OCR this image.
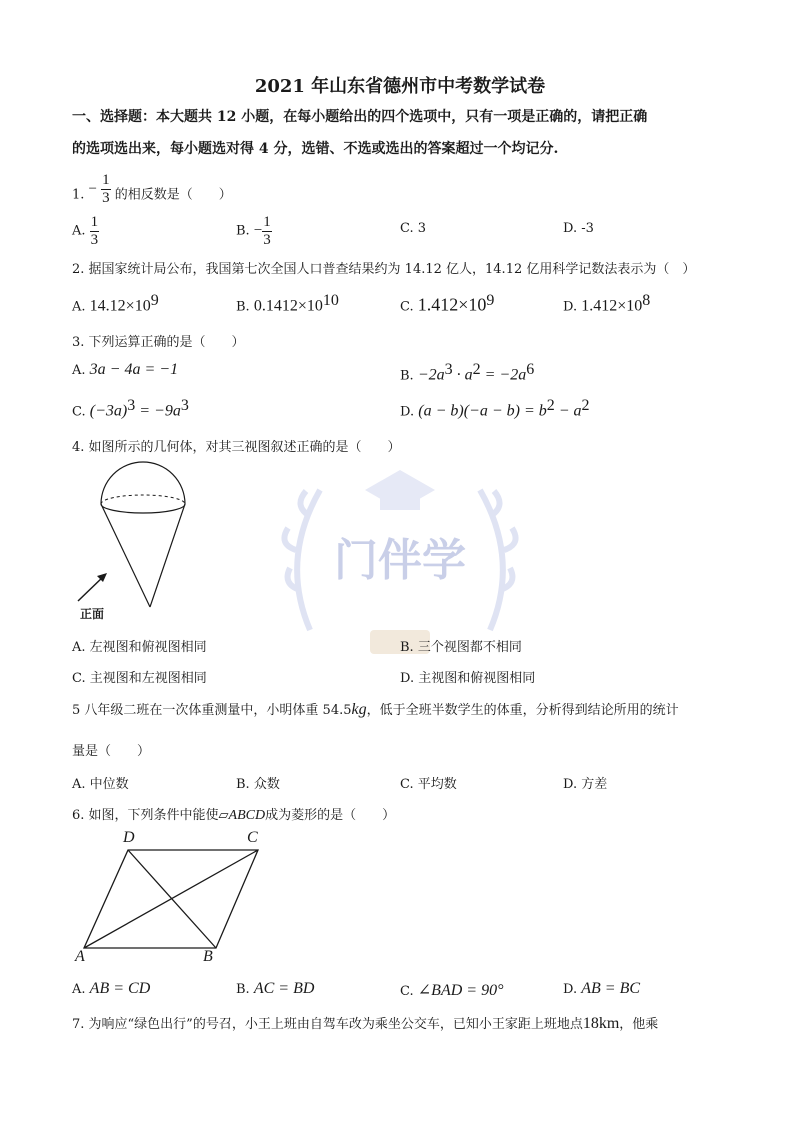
门伴学
2021 年山东省德州市中考数学试卷
一、选择题：本大题共 12 小题，在每小题给出的四个选项中，只有一项是正确的，请把正确
的选项选出来，每小题选对得 4 分，选错、不选或选出的答案超过一个均记分.
1. − $\frac{1}{3}$ 的相反数是（　　）
A. $\frac{1}{3}$	B. − $\frac{1}{3}$	C. 3	D. -3
2. 据国家统计局公布，我国第七次全国人口普查结果约为 14.12 亿人，14.12 亿用科学记数法表示为（　）
A. $14.12\times 10^9$	B. $0.1412\times 10^{10}$	C. $1.412\times 10^9$	D. $1.412\times 10^8$
3. 下列运算正确的是（　　）
A. 3a − 4a = −1	B. $-2a^3 \cdot a^2 = -2a^6$
C. $(-3a)^3 = -9a^3$	D. $(a - b)(-a - b) = b^2 - a^2$
4. 如图所示的几何体，对其三视图叙述正确的是（　　）
正面
A. 左视图和俯视图相同	B. 三个视图都不相同
C. 主视图和左视图相同	D. 主视图和俯视图相同
5 八年级二班在一次体重测量中，小明体重 54.5kg，低于全班半数学生的体重，分析得到结论所用的统计
量是（　　）
A. 中位数	B. 众数	C. 平均数	D. 方差
6. 如图，下列条件中能使▱ABCD成为菱形的是（　　）
D	C
A	B
A. AB = CD	B. AC = BD	C. ∠BAD = 90°	D. AB = BC
7. 为响应“绿色出行”的号召，小王上班由自驾车改为乘坐公交车，已知小王家距上班地点18km，他乘
